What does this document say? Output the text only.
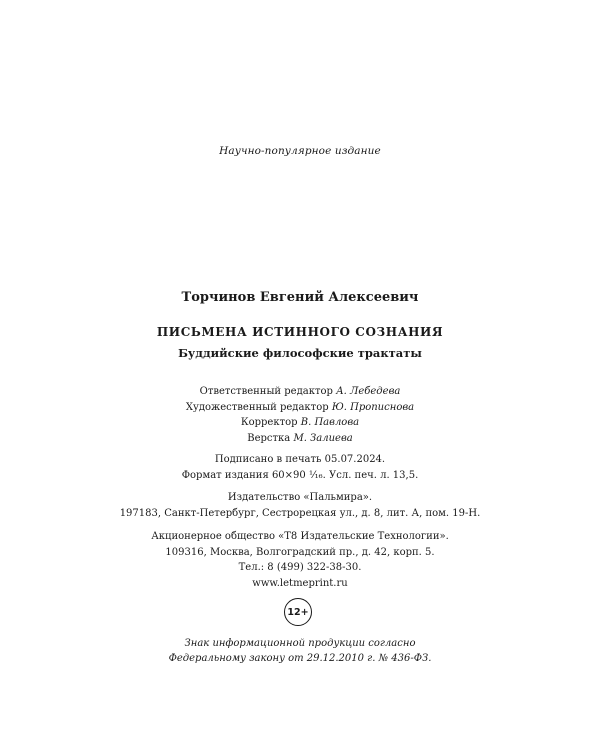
Научно-популярное издание
Торчинов Евгений Алексеевич
ПИСЬМЕНА ИСТИННОГО СОЗНАНИЯ
Буддийские философские трактаты
Ответственный редактор А. Лебедева
Художественный редактор Ю. Прописнова
Корректор В. Павлова
Верстка М. Залиева
Подписано в печать 05.07.2024.
Формат издания 60×90 ¹⁄₁₆. Усл. печ. л. 13,5.
Издательство «Пальмира».
197183, Санкт-Петербург, Сестрорецкая ул., д. 8, лит. А, пом. 19-Н.
Акционерное общество «Т8 Издательские Технологии».
109316, Москва, Волгоградский пр., д. 42, корп. 5.
Тел.: 8 (499) 322-38-30.
www.letmeprint.ru
12+
Знак информационной продукции согласно
Федеральному закону от 29.12.2010 г. № 436-ФЗ.
